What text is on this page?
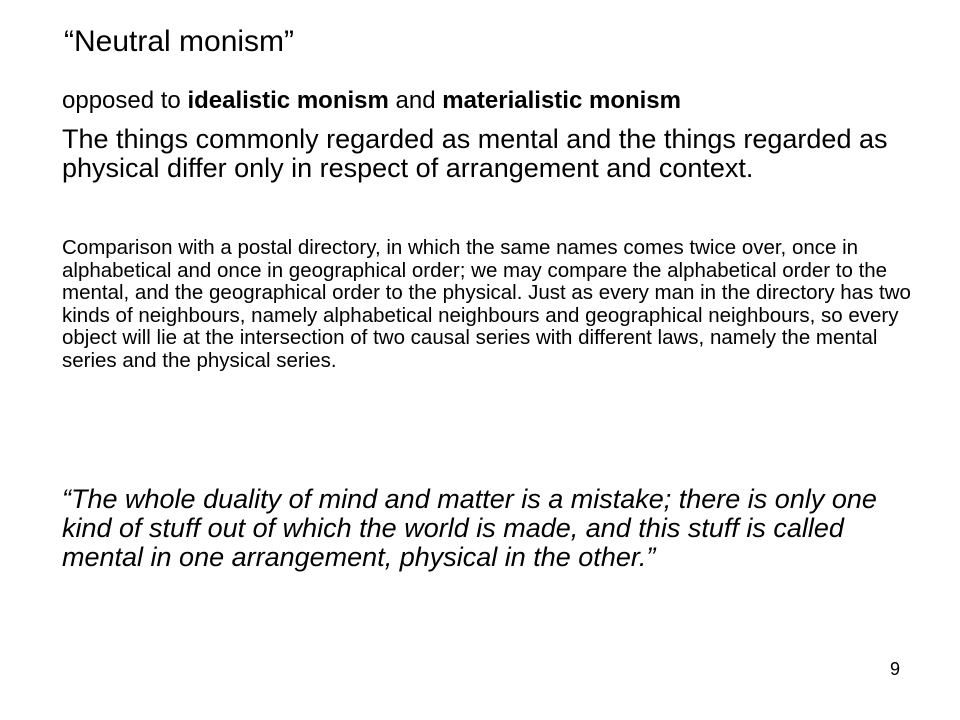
“Neutral monism”
opposed to idealistic monism and materialistic monism
The things commonly regarded as mental and the things regarded as physical differ only in respect of arrangement and context.
Comparison with a postal directory, in which the same names comes twice over, once in alphabetical and once in geographical order; we may compare the alphabetical order to the mental, and the geographical order to the physical. Just as every man in the directory has two kinds of neighbours, namely alphabetical neighbours and geographical neighbours, so every object will lie at the intersection of two causal series with different laws, namely the mental series and the physical series.
“The whole duality of mind and matter is a mistake; there is only one kind of stuff out of which the world is made, and this stuff is called mental in one arrangement, physical in the other.”
9
